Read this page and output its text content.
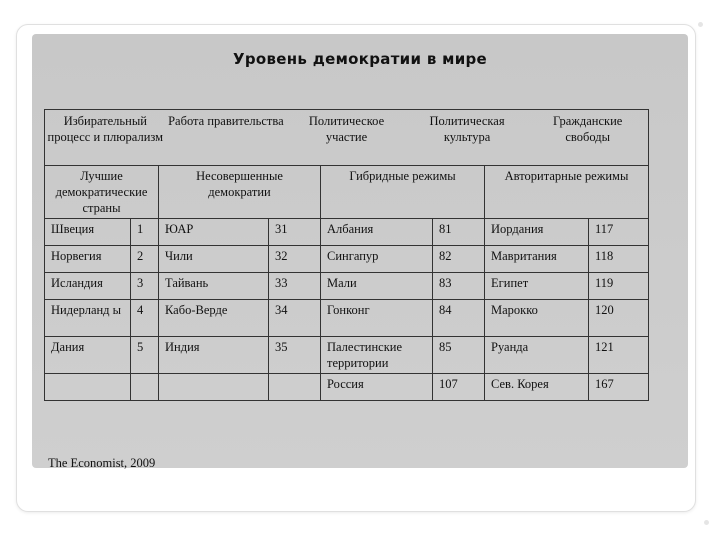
Уровень демократии в мире
Избирательный процесс и плюрализм	Работа правительства	Политическое участие	Политическая культура	Гражданские свободы

Лучшие демократические страны	Несовершенные демократии	Гибридные режимы	Авторитарные режимы
Швеция	1	ЮАР	31	Албания	81	Иордания	117
Норвегия	2	Чили	32	Сингапур	82	Мавритания	118
Исландия	3	Тайвань	33	Мали	83	Египет	119
Нидерланд ы	4	Кабо-Верде	34	Гонконг	84	Марокко	120
Дания	5	Индия	35	Палестинские территории	85	Руанда	121
				Россия	107	Сев. Корея	167
The Economist, 2009
